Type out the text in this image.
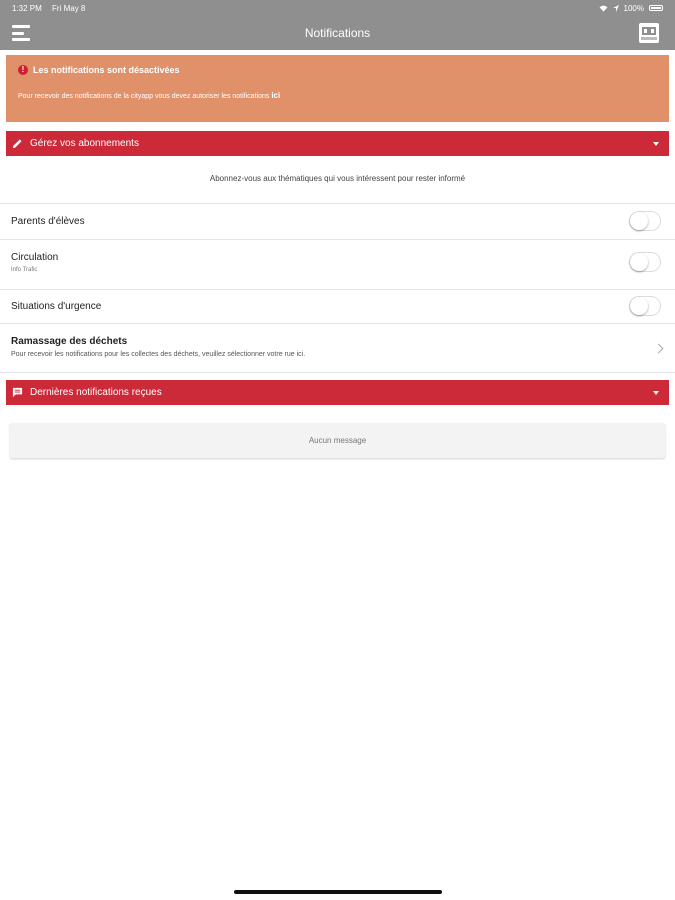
1:32 PM Fri May 8	100%
Notifications
! Les notifications sont désactivées
Pour recevoir des notifications de la cityapp vous devez autoriser les notifications ici
Gérez vos abonnements
Abonnez-vous aux thématiques qui vous intéressent pour rester informé
Parents d'élèves
Circulation
Info Trafic
Situations d'urgence
Ramassage des déchets
Pour recevoir les notifications pour les collectes des déchets, veuillez sélectionner votre rue ici.
Dernières notifications reçues
Aucun message
